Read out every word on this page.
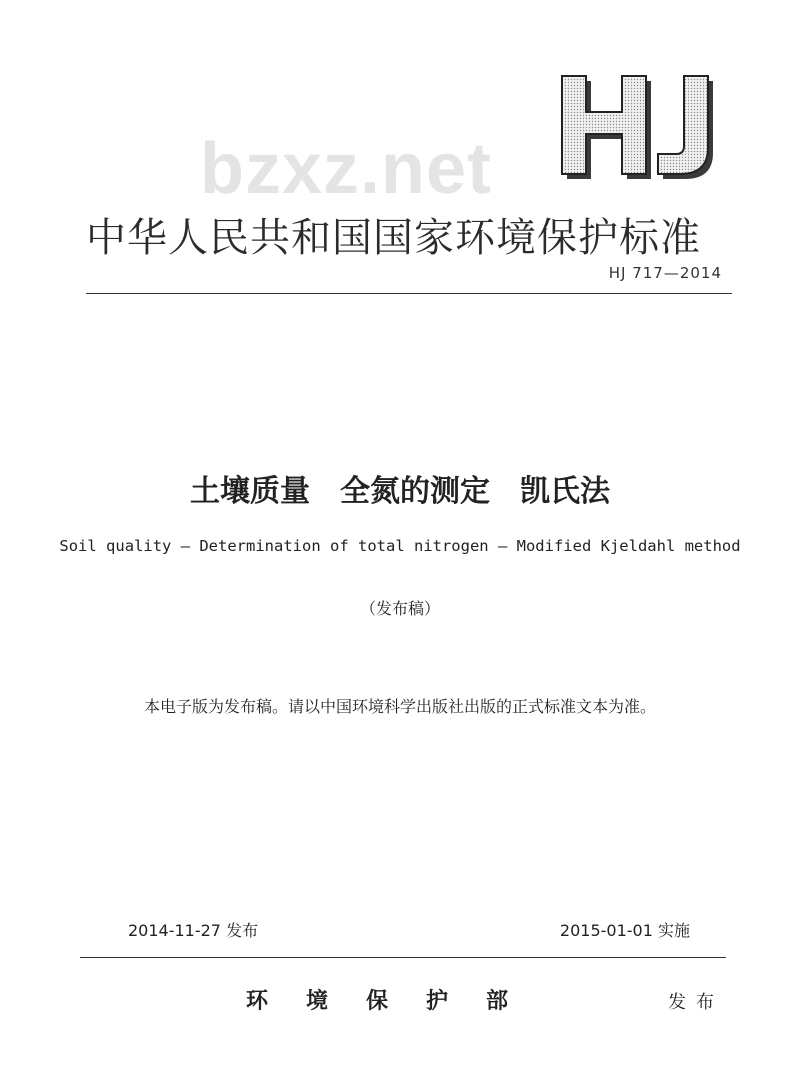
bzxz.net
中华人民共和国国家环境保护标准
HJ 717—2014
土壤质量　全氮的测定　凯氏法
Soil quality — Determination of total nitrogen — Modified Kjeldahl method
（发布稿）
本电子版为发布稿。请以中国环境科学出版社出版的正式标准文本为准。
2014-11-27 发布	2015-01-01 实施
环境保护部	发布
